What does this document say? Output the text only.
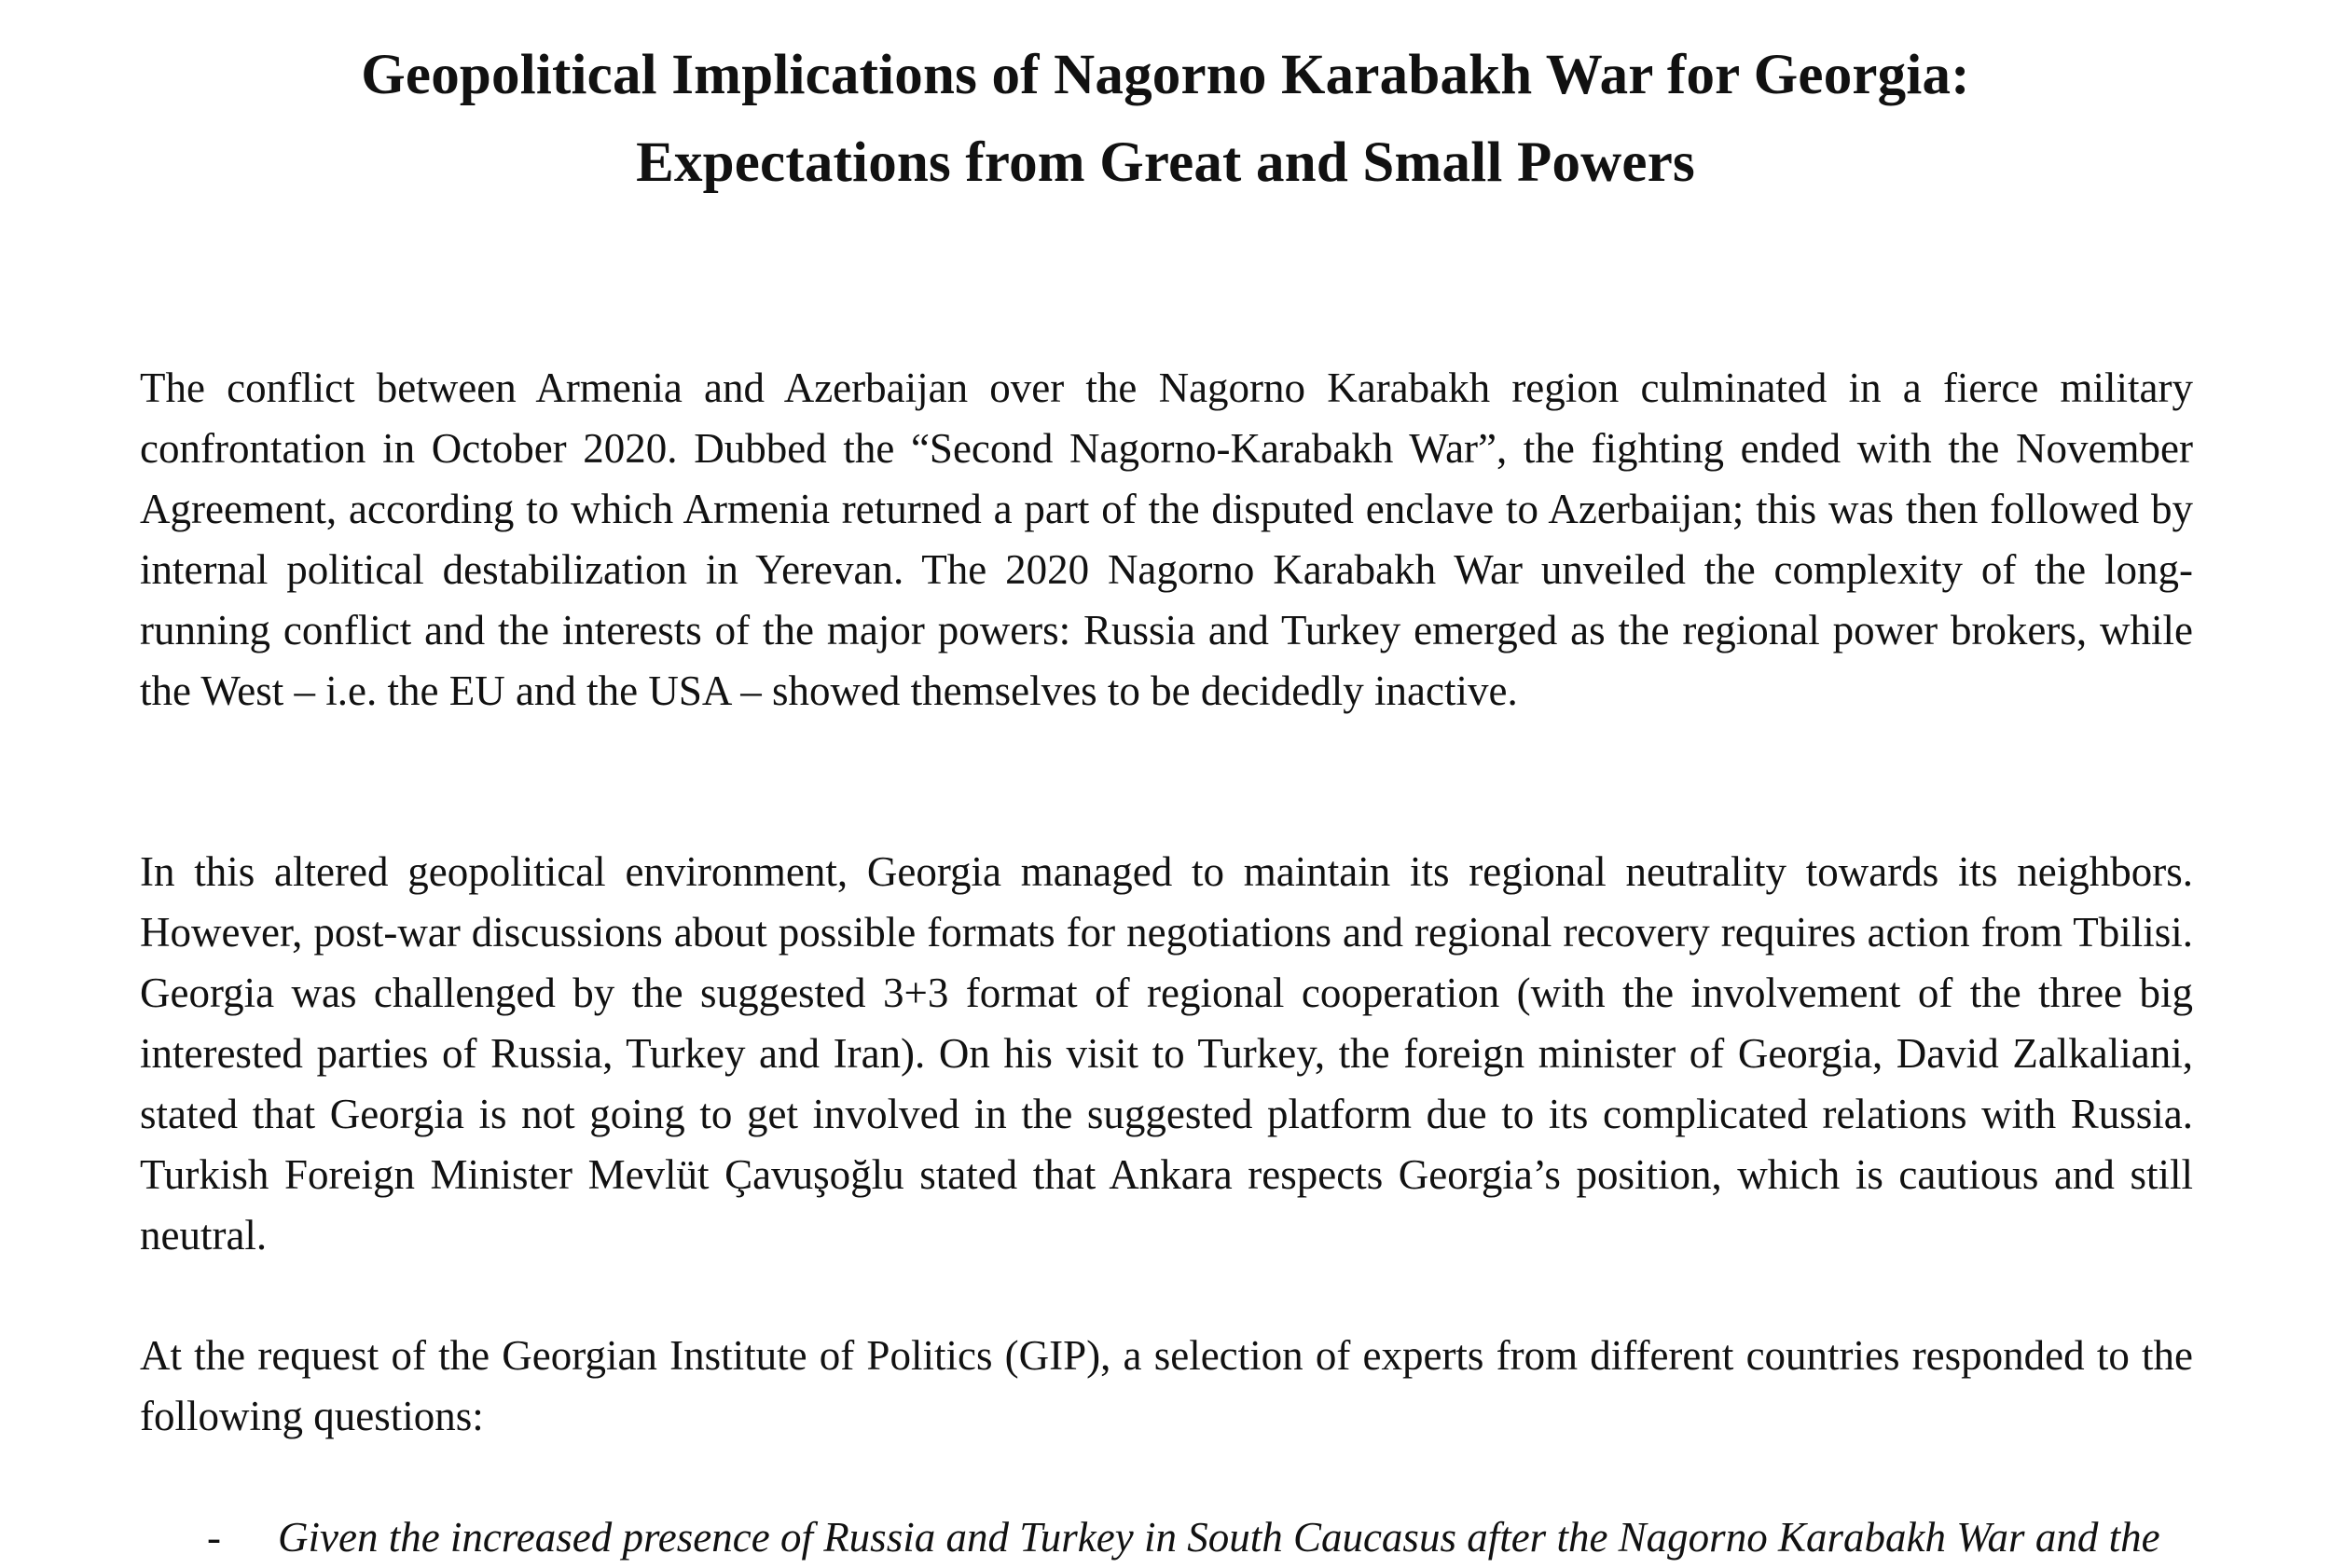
Geopolitical Implications of Nagorno Karabakh War for Georgia:
Expectations from Great and Small Powers

The conflict between Armenia and Azerbaijan over the Nagorno Karabakh region culminated in a fierce military confrontation in October 2020. Dubbed the “Second Nagorno-Karabakh War”, the fighting ended with the November Agreement, according to which Armenia returned a part of the disputed enclave to Azerbaijan; this was then followed by internal political destabilization in Yerevan. The 2020 Nagorno Karabakh War unveiled the complexity of the long-running conflict and the interests of the major powers: Russia and Turkey emerged as the regional power brokers, while the West – i.e. the EU and the USA – showed themselves to be decidedly inactive.

In this altered geopolitical environment, Georgia managed to maintain its regional neutrality towards its neighbors. However, post-war discussions about possible formats for negotiations and regional recovery requires action from Tbilisi. Georgia was challenged by the suggested 3+3 format of regional cooperation (with the involvement of the three big interested parties of Russia, Turkey and Iran). On his visit to Turkey, the foreign minister of Georgia, David Zalkaliani, stated that Georgia is not going to get involved in the suggested platform due to its complicated relations with Russia. Turkish Foreign Minister Mevlüt Çavuşoğlu stated that Ankara respects Georgia’s position, which is cautious and still neutral.

At the request of the Georgian Institute of Politics (GIP), a selection of experts from different countries responded to the following questions:

- Given the increased presence of Russia and Turkey in South Caucasus after the Nagorno Karabakh War and the
